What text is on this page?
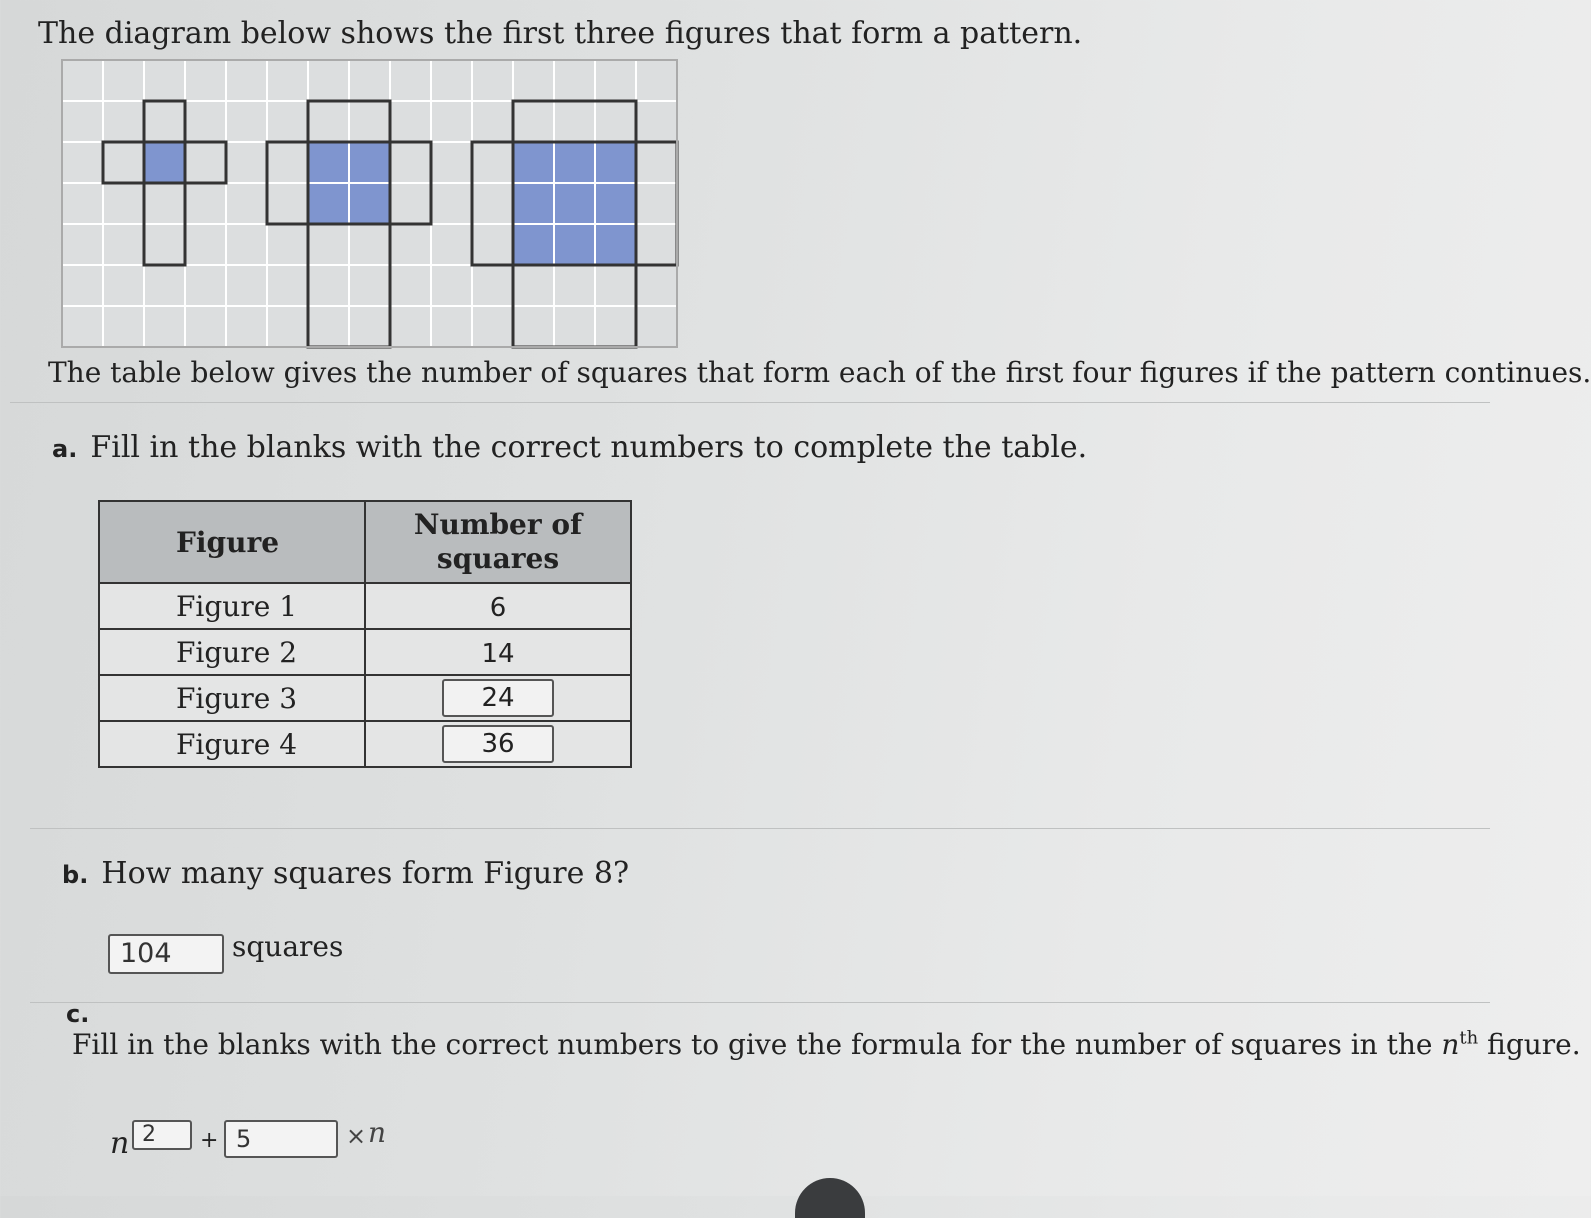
The diagram below shows the first three figures that form a pattern.
The table below gives the number of squares that form each of the first four figures if the pattern continues.
a. Fill in the blanks with the correct numbers to complete the table.
Figure	Number of squares
Figure 1	6
Figure 2	14
Figure 3	24
Figure 4	36
b. How many squares form Figure 8?
104	squares
c. Fill in the blanks with the correct numbers to give the formula for the number of squares in the $n^{th}$ figure.
n 2	+ 5	× n
